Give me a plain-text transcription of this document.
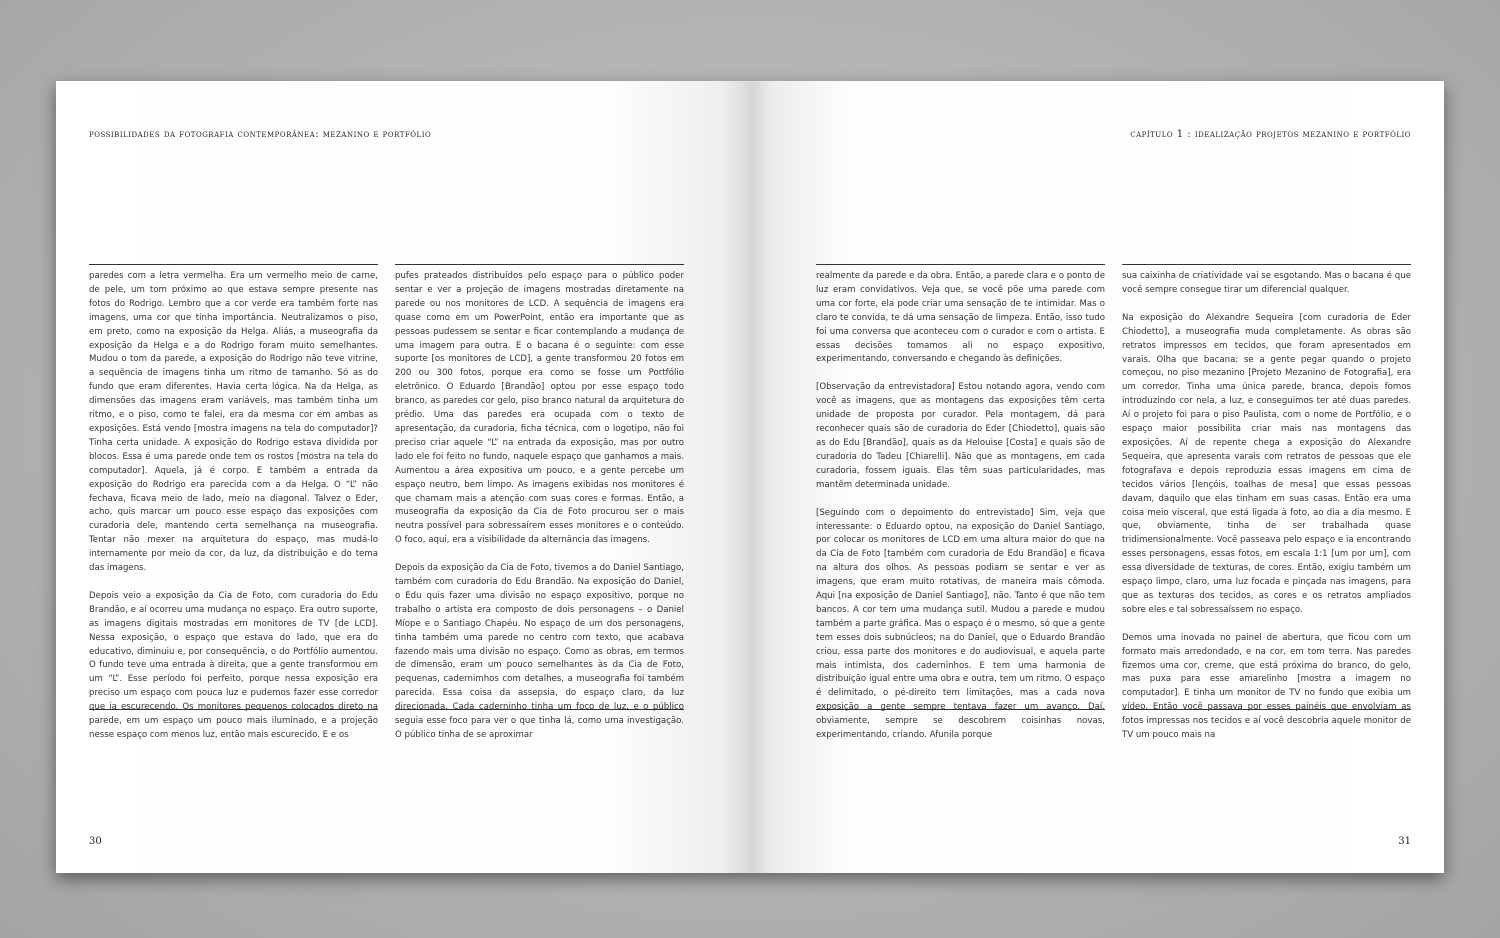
possibilidades da fotografia contemporânea: mezanino e portfólio

paredes com a letra vermelha. Era um vermelho meio de carne, de pele, um tom próximo ao que estava sempre presente nas fotos do Rodrigo. Lembro que a cor verde era também forte nas imagens, uma cor que tinha importância. Neutralizamos o piso, em preto, como na exposição da Helga. Aliás, a museografia da exposição da Helga e a do Rodrigo foram muito semelhantes. Mudou o tom da parede, a exposição do Rodrigo não teve vitrine, a sequência de imagens tinha um ritmo de tamanho. Só as do fundo que eram diferentes. Havia certa lógica. Na da Helga, as dimensões das imagens eram variáveis, mas também tinha um ritmo, e o piso, como te falei, era da mesma cor em ambas as exposições. Está vendo [mostra imagens na tela do computador]? Tinha certa unidade. A exposição do Rodrigo estava dividida por blocos. Essa é uma parede onde tem os rostos [mostra na tela do computador]. Aquela, já é corpo. E também a entrada da exposição do Rodrigo era parecida com a da Helga. O “L” não fechava, ficava meio de lado, meio na diagonal. Talvez o Eder, acho, quis marcar um pouco esse espaço das exposições com curadoria dele, mantendo certa semelhança na museografia. Tentar não mexer na arquitetura do espaço, mas mudá-lo internamente por meio da cor, da luz, da distribuição e do tema das imagens.

Depois veio a exposição da Cia de Foto, com curadoria do Edu Brandão, e aí ocorreu uma mudança no espaço. Era outro suporte, as imagens digitais mostradas em monitores de TV [de LCD]. Nessa exposição, o espaço que estava do lado, que era do educativo, diminuiu e, por consequência, o do Portfólio aumentou. O fundo teve uma entrada à direita, que a gente transformou em um “L”. Esse período foi perfeito, porque nessa exposição era preciso um espaço com pouca luz e pudemos fazer esse corredor que ia escurecendo. Os monitores pequenos colocados direto na parede, em um espaço um pouco mais iluminado, e a projeção nesse espaço com menos luz, então mais escurecido. E e os

pufes prateados distribuídos pelo espaço para o público poder sentar e ver a projeção de imagens mostradas diretamente na parede ou nos monitores de LCD. A sequência de imagens era quase como em um PowerPoint, então era importante que as pessoas pudessem se sentar e ficar contemplando a mudança de uma imagem para outra. E o bacana é o seguinte: com esse suporte [os monitores de LCD], a gente transformou 20 fotos em 200 ou 300 fotos, porque era como se fosse um Portfólio eletrônico. O Eduardo [Brandão] optou por esse espaço todo branco, as paredes cor gelo, piso branco natural da arquitetura do prédio. Uma das paredes era ocupada com o texto de apresentação, da curadoria, ficha técnica, com o logotipo, não foi preciso criar aquele “L” na entrada da exposição, mas por outro lado ele foi feito no fundo, naquele espaço que ganhamos a mais. Aumentou a área expositiva um pouco, e a gente percebe um espaço neutro, bem limpo. As imagens exibidas nos monitores é que chamam mais a atenção com suas cores e formas. Então, a museografia da exposição da Cia de Foto procurou ser o mais neutra possível para sobressaírem esses monitores e o conteúdo. O foco, aqui, era a visibilidade da alternância das imagens.

Depois da exposição da Cia de Foto, tivemos a do Daniel Santiago, também com curadoria do Edu Brandão. Na exposição do Daniel, o Edu quis fazer uma divisão no espaço expositivo, porque no trabalho o artista era composto de dois personagens – o Daniel Míope e o Santiago Chapéu. No espaço de um dos personagens, tinha também uma parede no centro com texto, que acabava fazendo mais uma divisão no espaço. Como as obras, em termos de dimensão, eram um pouco semelhantes às da Cia de Foto, pequenas, cadernimhos com detalhes, a museografia foi também parecida. Essa coisa da assepsia, do espaço claro, da luz direcionada. Cada caderninho tinha um foco de luz, e o público seguia esse foco para ver o que tinha lá, como uma investigação. O público tinha de se aproximar

30
capítulo 1 : idealização projetos mezanino e portfólio

realmente da parede e da obra. Então, a parede clara e o ponto de luz eram convidativos. Veja que, se você põe uma parede com uma cor forte, ela pode criar uma sensação de te intimidar. Mas o claro te convida, te dá uma sensação de limpeza. Então, isso tudo foi uma conversa que aconteceu com o curador e com o artista. E essas decisões tomamos ali no espaço expositivo, experimentando, conversando e chegando às definições.

[Observação da entrevistadora] Estou notando agora, vendo com você as imagens, que as montagens das exposições têm certa unidade de proposta por curador. Pela montagem, dá para reconhecer quais são de curadoria do Eder [Chiodetto], quais são as do Edu [Brandão], quais as da Helouise [Costa] e quais são de curadoria do Tadeu [Chiarelli]. Não que as montagens, em cada curadoria, fossem iguais. Elas têm suas particularidades, mas mantêm determinada unidade.

[Seguindo com o depoimento do entrevistado] Sim, veja que interessante: o Eduardo optou, na exposição do Daniel Santiago, por colocar os monitores de LCD em uma altura maior do que na da Cia de Foto [também com curadoria de Edu Brandão] e ficava na altura dos olhos. As pessoas podiam se sentar e ver as imagens, que eram muito rotativas, de maneira mais cômoda. Aqui [na exposição de Daniel Santiago], não. Tanto é que não tem bancos. A cor tem uma mudança sutil. Mudou a parede e mudou também a parte gráfica. Mas o espaço é o mesmo, só que a gente tem esses dois subnúcleos; na do Daniel, que o Eduardo Brandão criou, essa parte dos monitores e do audiovisual, e aquela parte mais intimista, dos caderninhos. E tem uma harmonia de distribuição igual entre uma obra e outra, tem um ritmo. O espaço é delimitado, o pé-direito tem limitações, mas a cada nova exposição a gente sempre tentava fazer um avanço. Daí, obviamente, sempre se descobrem coisinhas novas, experimentando, criando. Afunila porque

sua caixinha de criatividade vai se esgotando. Mas o bacana é que você sempre consegue tirar um diferencial qualquer.

Na exposição do Alexandre Sequeira [com curadoria de Eder Chiodetto], a museografia muda completamente. As obras são retratos impressos em tecidos, que foram apresentados em varais. Olha que bacana: se a gente pegar quando o projeto começou, no piso mezanino [Projeto Mezanino de Fotografia], era um corredor. Tinha uma única parede, branca, depois fomos introduzindo cor nela, a luz, e conseguimos ter até duas paredes. Aí o projeto foi para o piso Paulista, com o nome de Portfólio, e o espaço maior possibilita criar mais nas montagens das exposições. Aí de repente chega a exposição do Alexandre Sequeira, que apresenta varais com retratos de pessoas que ele fotografava e depois reproduzia essas imagens em cima de tecidos vários [lençóis, toalhas de mesa] que essas pessoas davam, daquilo que elas tinham em suas casas. Então era uma coisa meio visceral, que está ligada à foto, ao dia a dia mesmo. E que, obviamente, tinha de ser trabalhada quase tridimensionalmente. Você passeava pelo espaço e ia encontrando esses personagens, essas fotos, em escala 1:1 [um por um], com essa diversidade de texturas, de cores. Então, exigiu também um espaço limpo, claro, uma luz focada e pinçada nas imagens, para que as texturas dos tecidos, as cores e os retratos ampliados sobre eles e tal sobressaíssem no espaço.

Demos uma inovada no painel de abertura, que ficou com um formato mais arredondado, e na cor, em tom terra. Nas paredes fizemos uma cor, creme, que está próxima do branco, do gelo, mas puxa para esse amarelinho [mostra a imagem no computador]. E tinha um monitor de TV no fundo que exibia um vídeo. Então você passava por esses painéis que envolviam as fotos impressas nos tecidos e aí você descobria aquele monitor de TV um pouco mais na

31
